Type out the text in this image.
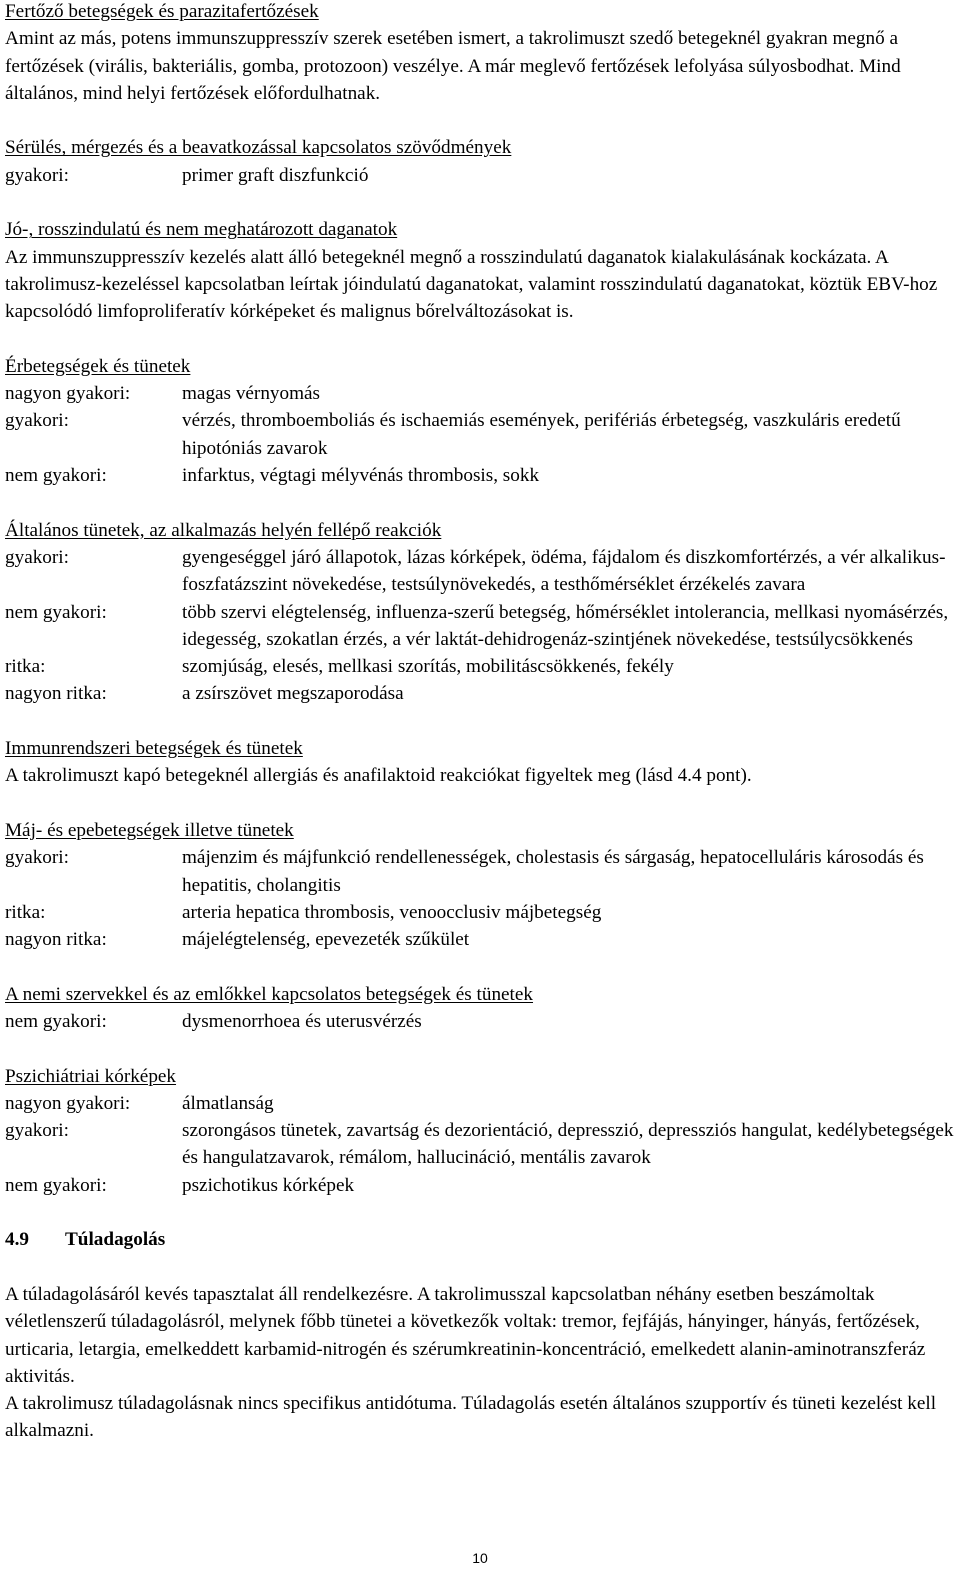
Fertőző betegségek és parazitafertőzések

Amint az más, potens immunszuppresszív szerek esetében ismert, a takrolimuszt szedő betegeknél gyakran megnő a fertőzések (virális, bakteriális, gomba, protozoon) veszélye. A már meglevő fertőzések lefolyása súlyosbodhat. Mind általános, mind helyi fertőzések előfordulhatnak.

Sérülés, mérgezés és a beavatkozással kapcsolatos szövődmények

gyakori:	primer graft diszfunkció

Jó-, rosszindulatú és nem meghatározott daganatok

Az immunszuppresszív kezelés alatt álló betegeknél megnő a rosszindulatú daganatok kialakulásának kockázata. A takrolimusz-kezeléssel kapcsolatban leírtak jóindulatú daganatokat, valamint rosszindulatú daganatokat, köztük EBV-hoz kapcsolódó limfoproliferatív kórképeket és malignus bőrelváltozásokat is.

Érbetegségek és tünetek

nagyon gyakori:	magas vérnyomás
gyakori:	vérzés, thromboemboliás és ischaemiás események, perifériás érbetegség, vaszkuláris eredetű hipotóniás zavarok
nem gyakori:	infarktus, végtagi mélyvénás thrombosis, sokk

Általános tünetek, az alkalmazás helyén fellépő reakciók

gyakori:	gyengeséggel járó állapotok, lázas kórképek, ödéma, fájdalom és diszkomfortérzés, a vér alkalikus-foszfatázszint növekedése, testsúlynövekedés, a testhőmérséklet érzékelés zavara
nem gyakori:	több szervi elégtelenség, influenza-szerű betegség, hőmérséklet intolerancia, mellkasi nyomásérzés, idegesség, szokatlan érzés, a vér laktát-dehidrogenáz-szintjének növekedése, testsúlycsökkenés
ritka:	szomjúság, elesés, mellkasi szorítás, mobilitáscsökkenés, fekély
nagyon ritka:	a zsírszövet megszaporodása

Immunrendszeri betegségek és tünetek

A takrolimuszt kapó betegeknél allergiás és anafilaktoid reakciókat figyeltek meg (lásd 4.4 pont).

Máj- és epebetegségek illetve tünetek

gyakori:	májenzim és májfunkció rendellenességek, cholestasis és sárgaság, hepatocelluláris károsodás és hepatitis, cholangitis
ritka:	arteria hepatica thrombosis, venoocclusiv májbetegség
nagyon ritka:	májelégtelenség, epevezeték szűkület

A nemi szervekkel és az emlőkkel kapcsolatos betegségek és tünetek

nem gyakori:	dysmenorrhoea és uterusvérzés

Pszichiátriai kórképek

nagyon gyakori:	álmatlanság
gyakori:	szorongásos tünetek, zavartság és dezorientáció, depresszió, depressziós hangulat, kedélybetegségek és hangulatzavarok, rémálom, hallucináció, mentális zavarok
nem gyakori:	pszichotikus kórképek

4.9	Túladagolás

A túladagolásáról kevés tapasztalat áll rendelkezésre. A takrolimusszal kapcsolatban néhány esetben beszámoltak véletlenszerű túladagolásról, melynek főbb tünetei a következők voltak: tremor, fejfájás, hányinger, hányás, fertőzések, urticaria, letargia, emelkeddett karbamid-nitrogén és szérumkreatinin-koncentráció, emelkedett alanin-aminotranszferáz aktivitás.

A takrolimusz túladagolásnak nincs specifikus antidótuma. Túladagolás esetén általános szupportív és tüneti kezelést kell alkalmazni.

10
